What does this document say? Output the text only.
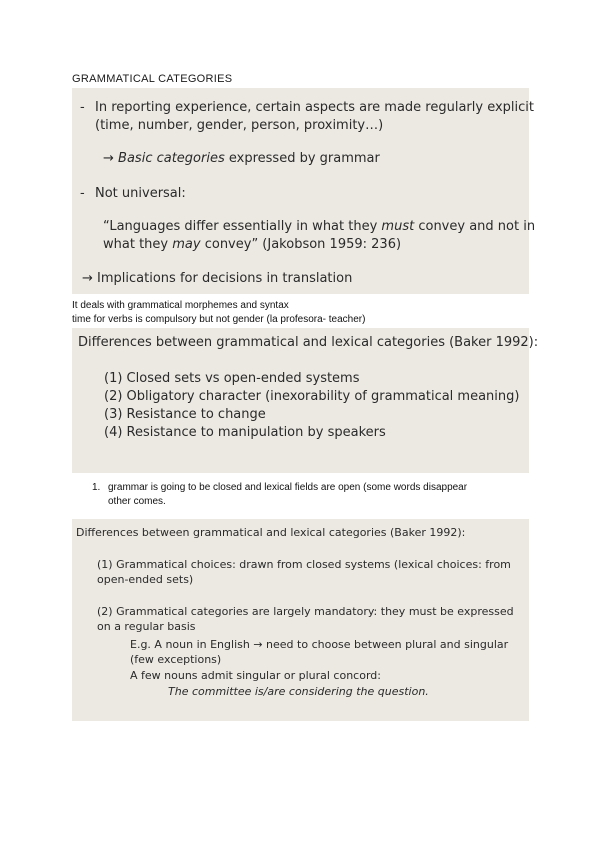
GRAMMATICAL CATEGORIES
- In reporting experience, certain aspects are made regularly explicit
(time, number, gender, person, proximity…)
→ Basic categories expressed by grammar
- Not universal:
“Languages differ essentially in what they must convey and not in
what they may convey” (Jakobson 1959: 236)
→ Implications for decisions in translation
It deals with grammatical morphemes and syntax
time for verbs is compulsory but not gender (la profesora- teacher)
Differences between grammatical and lexical categories (Baker 1992):
(1) Closed sets vs open-ended systems
(2) Obligatory character (inexorability of grammatical meaning)
(3) Resistance to change
(4) Resistance to manipulation by speakers
1. grammar is going to be closed and lexical fields are open (some words disappear
other comes.
Differences between grammatical and lexical categories (Baker 1992):
(1) Grammatical choices: drawn from closed systems (lexical choices: from
open-ended sets)
(2) Grammatical categories are largely mandatory: they must be expressed
on a regular basis
E.g. A noun in English → need to choose between plural and singular
(few exceptions)
A few nouns admit singular or plural concord:
The committee is/are considering the question.
